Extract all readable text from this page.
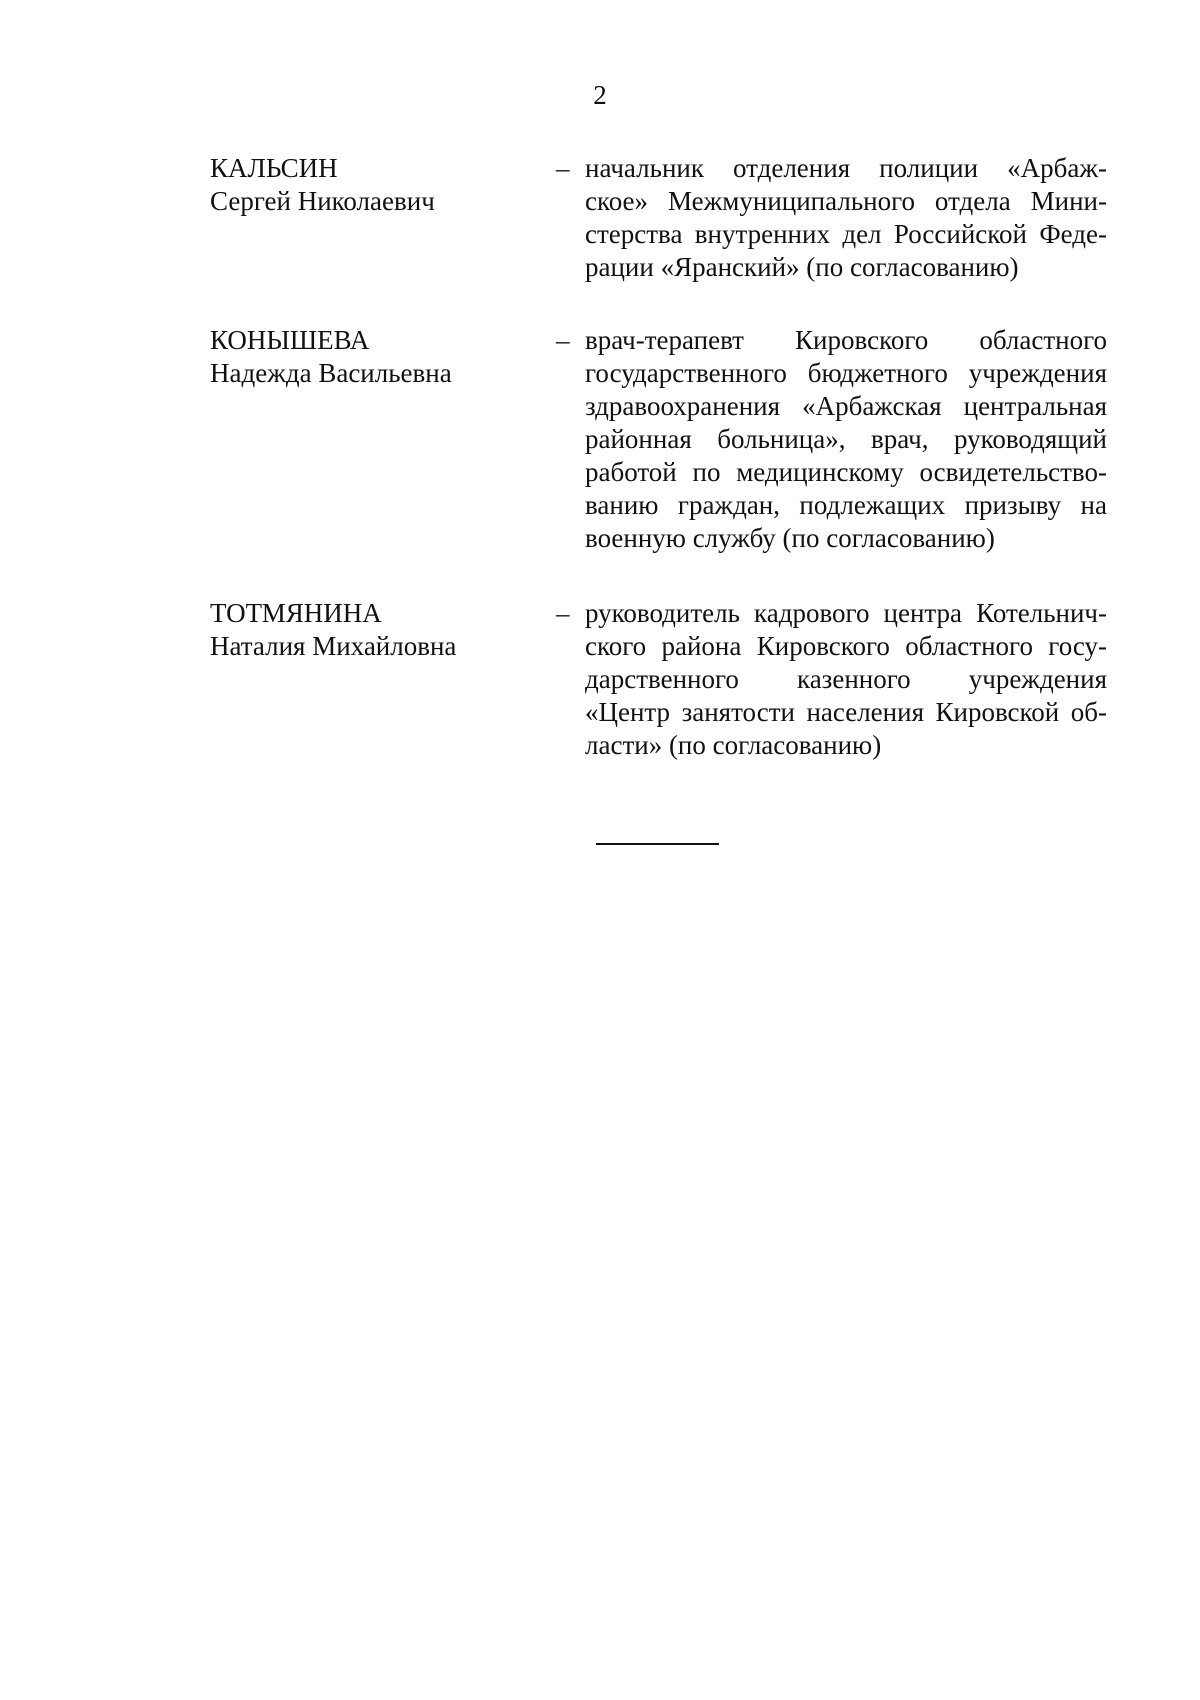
2
КАЛЬСИН
Сергей Николаевич
– начальник отделения полиции «Арбаж-
ское» Межмуниципального отдела Мини-
стерства внутренних дел Российской Феде-
рации «Яранский» (по согласованию)
КОНЫШЕВА
Надежда Васильевна
– врач-терапевт Кировского областного
государственного бюджетного учреждения
здравоохранения «Арбажская центральная
районная больница», врач, руководящий
работой по медицинскому освидетельство-
ванию граждан, подлежащих призыву на
военную службу (по согласованию)
ТОТМЯНИНА
Наталия Михайловна
– руководитель кадрового центра Котельнич-
ского района Кировского областного госу-
дарственного казенного учреждения
«Центр занятости населения Кировской об-
ласти» (по согласованию)
